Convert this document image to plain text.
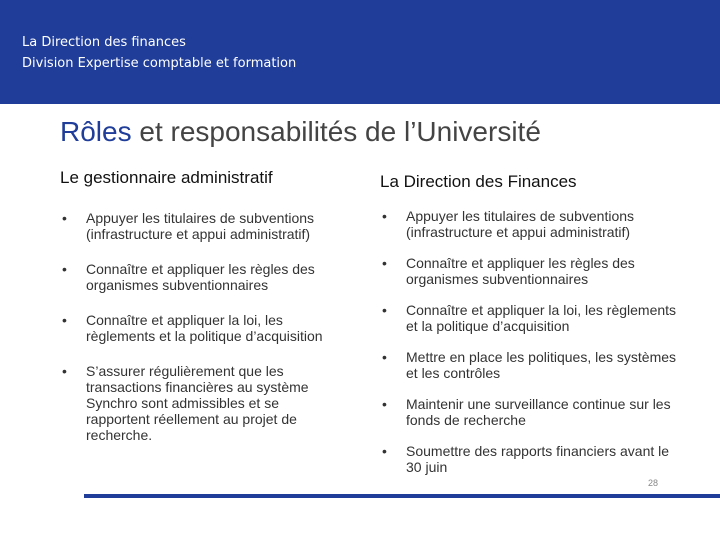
La Direction des finances
Division Expertise comptable et formation
Rôles et responsabilités de l’Université
Le gestionnaire administratif
• Appuyer les titulaires de subventions (infrastructure et appui administratif)
• Connaître et appliquer les règles des organismes subventionnaires
• Connaître et appliquer la loi, les règlements et la politique d’acquisition
• S’assurer régulièrement que les transactions financières au système Synchro sont admissibles et se rapportent réellement au projet de recherche.
La Direction des Finances
• Appuyer les titulaires de subventions (infrastructure et appui administratif)
• Connaître et appliquer les règles des organismes subventionnaires
• Connaître et appliquer la loi, les règlements et la politique d’acquisition
• Mettre en place les politiques, les systèmes et les contrôles
• Maintenir une surveillance continue sur les fonds de recherche
• Soumettre des rapports financiers avant le 30 juin
28
